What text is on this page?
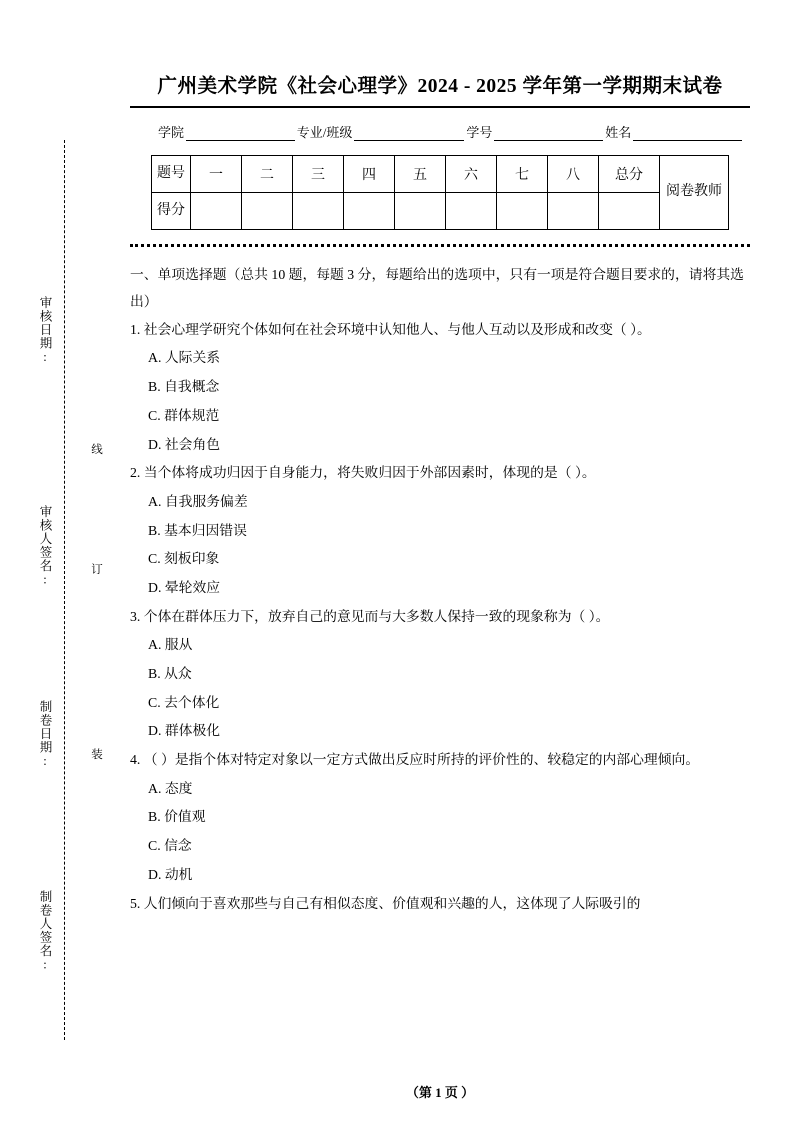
审核日期:
审核人签名:
制卷日期:
制卷人签名:
线
订
装
广州美术学院《社会心理学》2024 - 2025 学年第一学期期末试卷
学院	专业/班级	学号	姓名
题号	一	二	三	四	五	六	七	八	总分	阅卷教师
得分										

一、单项选择题（总共 10 题，每题 3 分，每题给出的选项中，只有一项是符合题目要求的，请将其选出）

1. 社会心理学研究个体如何在社会环境中认知他人、与他人互动以及形成和改变（ ）。

A. 人际关系

B. 自我概念

C. 群体规范

D. 社会角色

2. 当个体将成功归因于自身能力，将失败归因于外部因素时，体现的是（ ）。

A. 自我服务偏差

B. 基本归因错误

C. 刻板印象

D. 晕轮效应

3. 个体在群体压力下，放弃自己的意见而与大多数人保持一致的现象称为（ ）。

A. 服从

B. 从众

C. 去个体化

D. 群体极化

4. （ ）是指个体对特定对象以一定方式做出反应时所持的评价性的、较稳定的内部心理倾向。

A. 态度

B. 价值观

C. 信念

D. 动机

5. 人们倾向于喜欢那些与自己有相似态度、价值观和兴趣的人，这体现了人际吸引的

（第 1 页 ）
